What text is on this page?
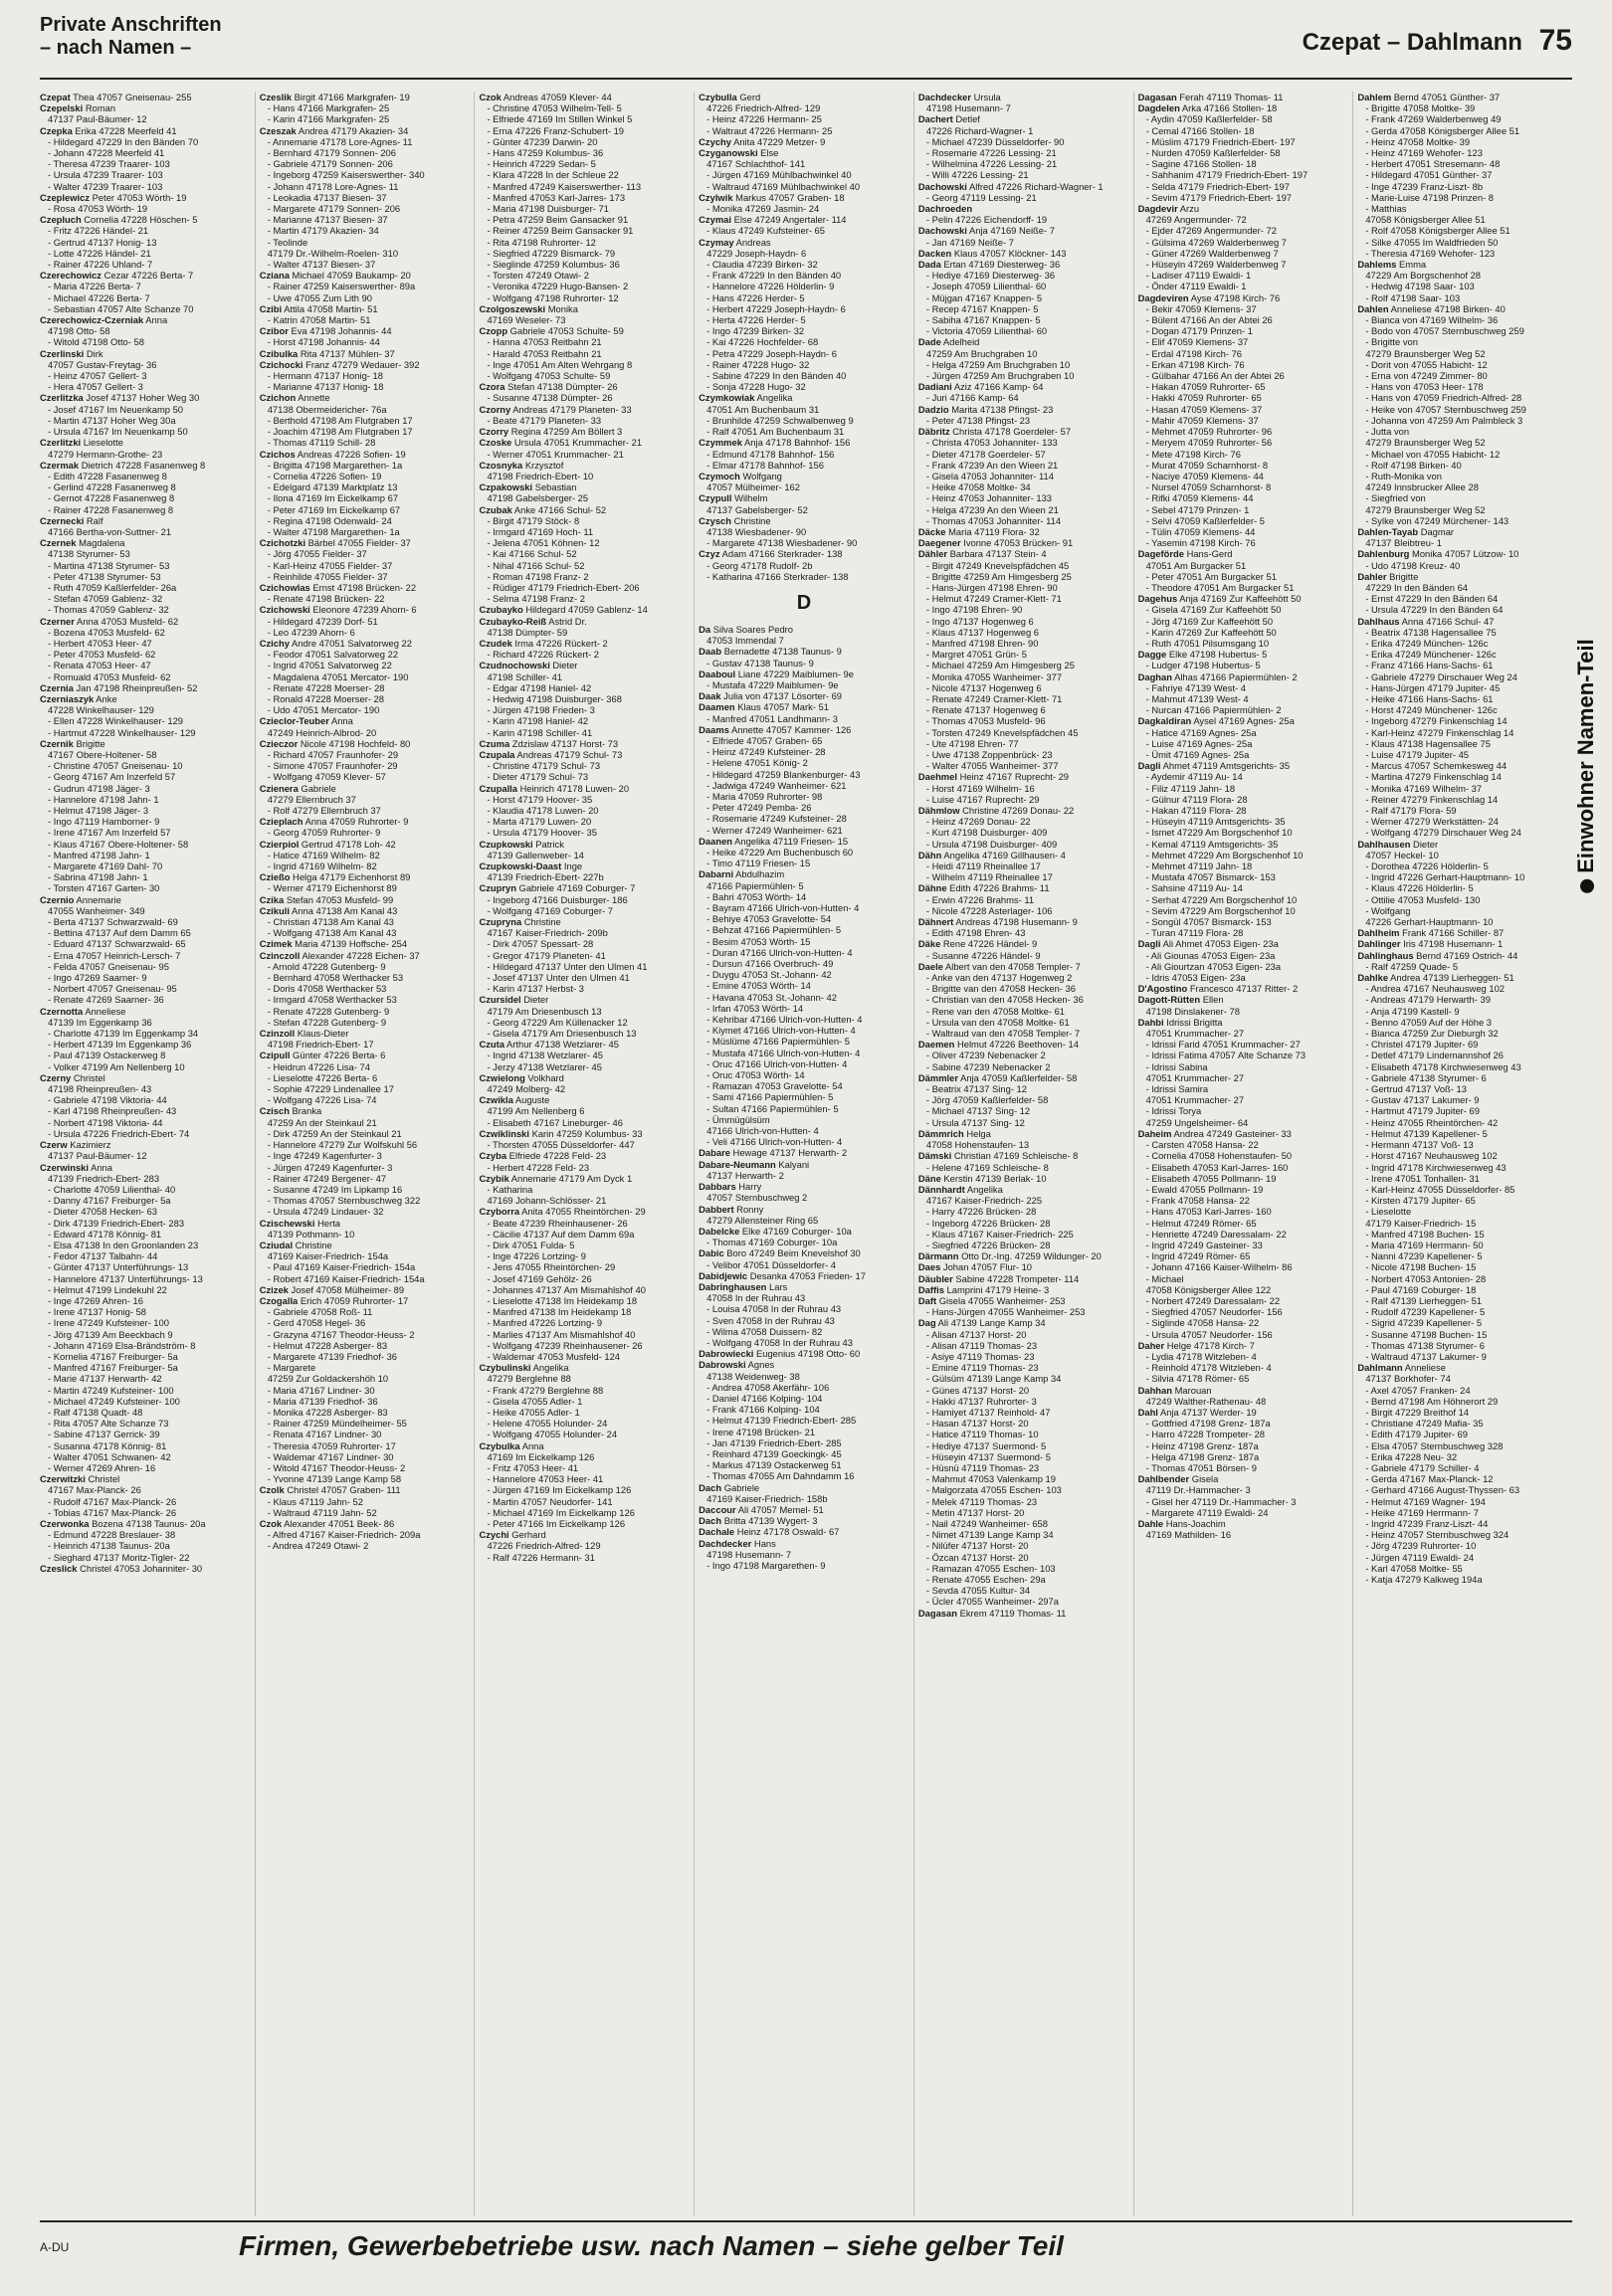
Private Anschriften
– nach Namen –	Czepat – Dahlmann 75
Czepat Thea 47057 Gneisenau- 255
Czepelski Roman
47137 Paul-Bäumer- 12
Czepka Erika 47228 Meerfeld 41
- Hildegard 47229 In den Bänden 70
- Johann 47228 Meerfeld 41
- Theresa 47239 Traarer- 103
- Ursula 47239 Traarer- 103
- Walter 47239 Traarer- 103
Czeplewicz Peter 47053 Wörth- 19
- Rosa 47053 Wörth- 19
Czepluch Cornelia 47228 Höschen- 5
- Fritz 47226 Händel- 21
- Gertrud 47137 Honig- 13
- Lotte 47226 Händel- 21
- Rainer 47226 Uhland- 7
Czerechowicz Cezar 47226 Berta- 7
- Maria 47226 Berta- 7
- Michael 47226 Berta- 7
- Sebastian 47057 Alte Schanze 70
Czerechowicz-Czerniak Anna
47198 Otto- 58
- Witold 47198 Otto- 58
Czerlinski Dirk
47057 Gustav-Freytag- 36
- Heinz 47057 Gellert- 3
- Hera 47057 Gellert- 3
Czerlitzka Josef 47137 Hoher Weg 30
- Josef 47167 Im Neuenkamp 50
- Martin 47137 Hoher Weg 30a
- Ursula 47167 Im Neuenkamp 50
Czerlitzki Lieselotte
47279 Hermann-Grothe- 23
Czermak Dietrich 47228 Fasanenweg 8
- Edith 47228 Fasanenweg 8
- Gerlind 47228 Fasanenweg 8
- Gernot 47228 Fasanenweg 8
- Rainer 47228 Fasanenweg 8
Czernecki Ralf
47166 Bertha-von-Suttner- 21
Czernek Magdalena
47138 Styrumer- 53
- Martina 47138 Styrumer- 53
- Peter 47138 Styrumer- 53
- Ruth 47059 Kaßlerfelder- 26a
- Stefan 47059 Gablenz- 32
- Thomas 47059 Gablenz- 32
Czerner Anna 47053 Musfeld- 62
- Bozena 47053 Musfeld- 62
- Herbert 47053 Heer- 47
- Peter 47053 Musfeld- 62
- Renata 47053 Heer- 47
- Romuald 47053 Musfeld- 62
Czernia Jan 47198 Rheinpreußen- 52
Czerniaszyk Anke
47228 Winkelhauser- 129
- Ellen 47228 Winkelhauser- 129
- Hartmut 47228 Winkelhauser- 129
Czernik Brigitte
47167 Obere-Holtener- 58
- Christine 47057 Gneisenau- 10
- Georg 47167 Am Inzerfeld 57
- Gudrun 47198 Jäger- 3
- Hannelore 47198 Jahn- 1
- Helmut 47198 Jäger- 3
- Ingo 47119 Hamborner- 9
- Irene 47167 Am Inzerfeld 57
- Klaus 47167 Obere-Holtener- 58
- Manfred 47198 Jahn- 1
- Margarete 47169 Dahl- 70
- Sabrina 47198 Jahn- 1
- Torsten 47167 Garten- 30
Czernio Annemarie
47055 Wanheimer- 349
- Berta 47137 Schwarzwald- 69
- Bettina 47137 Auf dem Damm 65
- Eduard 47137 Schwarzwald- 65
- Erna 47057 Heinrich-Lersch- 7
- Felda 47057 Gneisenau- 95
- Ingo 47269 Saarner- 9
- Norbert 47057 Gneisenau- 95
- Renate 47269 Saarner- 36
Czernotta Anneliese
47139 Im Eggenkamp 36
- Charlotte 47139 Im Eggenkamp 34
- Herbert 47139 Im Eggenkamp 36
- Paul 47139 Ostackerweg 8
- Volker 47199 Am Nellenberg 10
Czerny Christel
47198 Rheinpreußen- 43
- Gabriele 47198 Viktoria- 44
- Karl 47198 Rheinpreußen- 43
- Norbert 47198 Viktoria- 44
- Ursula 47226 Friedrich-Ebert- 74
Czerw Kazimierz
47137 Paul-Bäumer- 12
Czerwinski Anna
47139 Friedrich-Ebert- 283
- Charlotte 47059 Lilienthal- 40
- Danny 47167 Freiburger- 5a
- Dieter 47058 Hecken- 63
- Dirk 47139 Friedrich-Ebert- 283
- Edward 47178 Könnig- 81
- Elsa 47138 In den Groonlanden 23
- Fedor 47137 Talbahn- 44
- Günter 47137 Unterführungs- 13
- Hannelore 47137 Unterführungs- 13
- Helmut 47199 Lindekuhl 22
- Inge 47269 Ahren- 16
- Irene 47137 Honig- 58
- Irene 47249 Kufsteiner- 100
- Jörg 47139 Am Beeckbach 9
- Johann 47169 Elsa-Brändström- 8
- Kornelia 47167 Freiburger- 5a
- Manfred 47167 Freiburger- 5a
- Marie 47137 Herwarth- 42
- Martin 47249 Kufsteiner- 100
- Michael 47249 Kufsteiner- 100
- Ralf 47138 Quadt- 48
- Rita 47057 Alte Schanze 73
- Sabine 47137 Gerrick- 39
- Susanna 47178 Könnig- 81
- Walter 47051 Schwanen- 42
- Werner 47269 Ahren- 16
Czerwitzki Christel
47167 Max-Planck- 26
- Rudolf 47167 Max-Planck- 26
- Tobias 47167 Max-Planck- 26
Czerwonka Bozena 47138 Taunus- 20a
- Edmund 47228 Breslauer- 38
- Heinrich 47138 Taunus- 20a
- Sieghard 47137 Moritz-Tigler- 22
Czeslick Christel 47053 Johanniter- 30
Czeslik Birgit 47166 Markgrafen- 19
- Hans 47166 Markgrafen- 25
- Karin 47166 Markgrafen- 25
Czeszak Andrea 47179 Akazien- 34
- Annemarie 47178 Lore-Agnes- 11
- Bernhard 47179 Sonnen- 206
- Gabriele 47179 Sonnen- 206
- Ingeborg 47259 Kaiserswerther- 340
- Johann 47178 Lore-Agnes- 11
- Leokadia 47137 Biesen- 37
- Margarete 47179 Sonnen- 206
- Marianne 47137 Biesen- 37
- Martin 47179 Akazien- 34
- Teolinde
47179 Dr.-Wilhelm-Roelen- 310
- Walter 47137 Biesen- 37
Cziana Michael 47059 Baukamp- 20
- Rainer 47259 Kaiserswerther- 89a
- Uwe 47055 Zum Lith 90
Czibi Attila 47058 Martin- 51
- Katrin 47058 Martin- 51
Czibor Eva 47198 Johannis- 44
- Horst 47198 Johannis- 44
Czibulka Rita 47137 Mühlen- 37
Czichocki Franz 47279 Wedauer- 392
- Hermann 47137 Honig- 18
- Marianne 47137 Honig- 18
Czichon Annette
47138 Obermeidericher- 76a
- Berthold 47198 Am Flutgraben 17
- Joachim 47198 Am Flutgraben 17
- Thomas 47119 Schill- 28
Czichos Andreas 47226 Sofien- 19
- Brigitta 47198 Margarethen- 1a
- Cornelia 47226 Sofien- 19
- Edelgard 47139 Marktplatz 13
- Ilona 47169 Im Eickelkamp 67
- Peter 47169 Im Eickelkamp 67
- Regina 47198 Odenwald- 24
- Walter 47198 Margarethen- 1a
Czichotzki Bärbel 47055 Fielder- 37
- Jörg 47055 Fielder- 37
- Karl-Heinz 47055 Fielder- 37
- Reinhilde 47055 Fielder- 37
Czichowlas Ernst 47198 Brücken- 22
- Renate 47198 Brücken- 22
Czichowski Eleonore 47239 Ahorn- 6
- Hildegard 47239 Dorf- 51
- Leo 47239 Ahorn- 6
Czichy Andre 47051 Salvatorweg 22
- Feodor 47051 Salvatorweg 22
- Ingrid 47051 Salvatorweg 22
- Magdalena 47051 Mercator- 190
- Renate 47228 Moerser- 28
- Ronald 47228 Moerser- 28
- Udo 47051 Mercator- 190
Czieclor-Teuber Anna
47249 Heinrich-Albrod- 20
Czieczor Nicole 47198 Hochfeld- 80
- Richard 47057 Fraunhofer- 29
- Simone 47057 Fraunhofer- 29
- Wolfgang 47059 Klever- 57
Czienera Gabriele
47279 Ellernbruch 37
- Rolf 47279 Ellernbruch 37
Czieplach Anna 47059 Ruhrorter- 9
- Georg 47059 Ruhrorter- 9
Czierpiol Gertrud 47178 Loh- 42
- Hatice 47169 Wilhelm- 82
- Ingrid 47169 Wilhelm- 82
Czießo Helga 47179 Eichenhorst 89
- Werner 47179 Eichenhorst 89
Czika Stefan 47053 Musfeld- 99
Czikuli Anna 47138 Am Kanal 43
- Christian 47138 Am Kanal 43
- Wolfgang 47138 Am Kanal 43
Czimek Maria 47139 Hoffsche- 254
Czinczoll Alexander 47228 Eichen- 37
- Arnold 47228 Gutenberg- 9
- Bernhard 47058 Werthacker 53
- Doris 47058 Werthacker 53
- Irmgard 47058 Werthacker 53
- Renate 47228 Gutenberg- 9
- Stefan 47228 Gutenberg- 9
Czinzoll Klaus-Dieter
47198 Friedrich-Ebert- 17
Czipull Günter 47226 Berta- 6
- Heidrun 47226 Lisa- 74
- Lieselotte 47226 Berta- 6
- Sophie 47229 Lindenallee 17
- Wolfgang 47226 Lisa- 74
Czisch Branka
47259 An der Steinkaul 21
- Dirk 47259 An der Steinkaul 21
- Hannelore 47279 Zur Wolfskuhl 56
- Inge 47249 Kagenfurter- 3
- Jürgen 47249 Kagenfurter- 3
- Rainer 47249 Bergener- 47
- Susanne 47249 Im Lipkamp 16
- Thomas 47057 Sternbuschweg 322
- Ursula 47249 Lindauer- 32
Czischewski Herta
47139 Pothmann- 10
Cziudal Christine
47169 Kaiser-Friedrich- 154a
- Paul 47169 Kaiser-Friedrich- 154a
- Robert 47169 Kaiser-Friedrich- 154a
Czizek Josef 47058 Mülheimer- 89
Czogalla Erich 47059 Ruhrorter- 17
- Gabriele 47058 Roß- 11
- Gerd 47058 Hegel- 36
- Grazyna 47167 Theodor-Heuss- 2
- Helmut 47228 Asberger- 83
- Margarete 47139 Friedhof- 36
- Margarete
47259 Zur Goldackershöh 10
- Maria 47167 Lindner- 30
- Maria 47139 Friedhof- 36
- Monika 47228 Asberger- 83
- Rainer 47259 Mündelheimer- 55
- Renata 47167 Lindner- 30
- Theresia 47059 Ruhrorter- 17
- Waldemar 47167 Lindner- 30
- Witold 47167 Theodor-Heuss- 2
- Yvonne 47139 Lange Kamp 58
Czolk Christel 47057 Graben- 111
- Klaus 47119 Jahn- 52
- Waltraud 47119 Jahn- 52
Czok Alexander 47051 Beek- 86
- Alfred 47167 Kaiser-Friedrich- 209a
- Andrea 47249 Otawi- 2
Czok Andreas 47059 Klever- 44
- Christine 47053 Wilhelm-Tell- 5
- Elfriede 47169 Im Stillen Winkel 5
- Erna 47226 Franz-Schubert- 19
- Günter 47239 Darwin- 20
- Hans 47259 Kolumbus- 36
- Heinrich 47229 Sedan- 5
- Klara 47228 In der Schleue 22
- Manfred 47249 Kaiserswerther- 113
- Manfred 47053 Karl-Jarres- 173
- Maria 47198 Duisburger- 71
- Petra 47259 Beim Gansacker 91
- Reiner 47259 Beim Gansacker 91
- Rita 47198 Ruhrorter- 12
- Siegfried 47229 Bismarck- 79
- Sieglinde 47259 Kolumbus- 36
- Torsten 47249 Otawi- 2
- Veronika 47229 Hugo-Bansen- 2
- Wolfgang 47198 Ruhrorter- 12
Czolgoszewski Monika
47169 Weseler- 73
Czopp Gabriele 47053 Schulte- 59
- Hanna 47053 Reitbahn 21
- Harald 47053 Reitbahn 21
- Inge 47051 Am Alten Wehrgang 8
- Wolfgang 47053 Schulte- 59
Czora Stefan 47138 Dümpter- 26
- Susanne 47138 Dümpter- 26
Czorny Andreas 47179 Planeten- 33
- Beate 47179 Planeten- 33
Czorry Regina 47259 Am Böllert 3
Czoske Ursula 47051 Krummacher- 21
- Werner 47051 Krummacher- 21
Czosnyka Krzysztof
47198 Friedrich-Ebert- 10
Czpakowski Sebastian
47198 Gabelsberger- 25
Czubak Anke 47166 Schul- 52
- Birgit 47179 Stöck- 8
- Irmgard 47169 Hoch- 11
- Jelena 47051 Köhnen- 12
- Kai 47166 Schul- 52
- Nihal 47166 Schul- 52
- Roman 47198 Franz- 2
- Rüdiger 47179 Friedrich-Ebert- 206
- Selma 47198 Franz- 2
Czubayko Hildegard 47059 Gablenz- 14
Czubayko-Reiß Astrid Dr.
47138 Dümpter- 59
Czudek Irma 47226 Rückert- 2
- Richard 47226 Rückert- 2
Czudnochowski Dieter
47198 Schiller- 41
- Edgar 47198 Haniel- 42
- Hedwig 47198 Duisburger- 368
- Jürgen 47198 Frieden- 3
- Karin 47198 Haniel- 42
- Karin 47198 Schiller- 41
Czuma Zdzislaw 47137 Horst- 73
Czupala Andreas 47179 Schul- 73
- Christine 47179 Schul- 73
- Dieter 47179 Schul- 73
Czupalla Heinrich 47178 Luwen- 20
- Horst 47179 Hoover- 35
- Klaudia 47178 Luwen- 20
- Marta 47179 Luwen- 20
- Ursula 47179 Hoover- 35
Czupkowski Patrick
47139 Gallenweber- 14
Czupkowski-Daast Inge
47139 Friedrich-Ebert- 227b
Czupryn Gabriele 47169 Coburger- 7
- Ingeborg 47166 Duisburger- 186
- Wolfgang 47169 Coburger- 7
Czupryna Christine
47167 Kaiser-Friedrich- 209b
- Dirk 47057 Spessart- 28
- Gregor 47179 Planeten- 41
- Hildegard 47137 Unter den Ulmen 41
- Josef 47137 Unter den Ulmen 41
- Karin 47137 Herbst- 3
Czursidel Dieter
47179 Am Driesenbusch 13
- Georg 47229 Am Küllenacker 12
- Gisela 47179 Am Driesenbusch 13
Czuta Arthur 47138 Wetzlarer- 45
- Ingrid 47138 Wetzlarer- 45
- Jerzy 47138 Wetzlarer- 45
Czwielong Volkhard
47249 Molberg- 42
Czwikla Auguste
47199 Am Nellenberg 6
- Elisabeth 47167 Lineburger- 46
Czwiklinski Karin 47259 Kolumbus- 33
- Thorsten 47055 Düsseldorfer- 447
Czyba Elfriede 47228 Feld- 23
- Herbert 47228 Feld- 23
Czybik Annemarie 47179 Am Dyck 1
- Katharina
47169 Johann-Schlösser- 21
Czyborra Anita 47055 Rheintörchen- 29
- Beate 47239 Rheinhausener- 26
- Cäcilie 47137 Auf dem Damm 69a
- Dirk 47051 Fulda- 5
- Inge 47226 Lortzing- 9
- Jens 47055 Rheintörchen- 29
- Josef 47169 Gehölz- 26
- Johannes 47137 Am Mismahlshof 40
- Lieselotte 47138 Im Heidekamp 18
- Manfred 47138 Im Heidekamp 18
- Manfred 47226 Lortzing- 9
- Marlies 47137 Am Mismahlshof 40
- Wolfgang 47239 Rheinhausener- 26
- Waldemar 47053 Musfeld- 124
Czybulinski Angelika
47279 Berglehne 88
- Frank 47279 Berglehne 88
- Gisela 47055 Adler- 1
- Heike 47055 Adler- 1
- Helene 47055 Holunder- 24
- Wolfgang 47055 Holunder- 24
Czybulka Anna
47169 Im Eickelkamp 126
- Fritz 47053 Heer- 41
- Hannelore 47053 Heer- 41
- Jürgen 47169 Im Eickelkamp 126
- Martin 47057 Neudorfer- 141
- Michael 47169 Im Eickelkamp 126
- Peter 47166 Im Eickelkamp 126
Czychi Gerhard
47226 Friedrich-Alfred- 129
- Ralf 47226 Hermann- 31
Czybulla Gerd
47226 Friedrich-Alfred- 129
- Heinz 47226 Hermann- 25
- Waltraut 47226 Hermann- 25
Czychy Anita 47229 Metzer- 9
Czyganowski Else
47167 Schlachthof- 141
- Jürgen 47169 Mühlbachwinkel 40
- Waltraud 47169 Mühlbachwinkel 40
Czylwik Markus 47057 Graben- 18
- Monika 47269 Jasmin- 24
Czymai Else 47249 Angertaler- 114
- Klaus 47249 Kufsteiner- 65
Czymay Andreas
47229 Joseph-Haydn- 6
- Claudia 47239 Birken- 32
- Frank 47229 In den Bänden 40
- Hannelore 47226 Hölderlin- 9
- Hans 47226 Herder- 5
- Herbert 47229 Joseph-Haydn- 6
- Herta 47226 Herder- 5
- Ingo 47239 Birken- 32
- Kai 47226 Hochfelder- 68
- Petra 47229 Joseph-Haydn- 6
- Rainer 47228 Hugo- 32
- Sabine 47229 In den Bänden 40
- Sonja 47228 Hugo- 32
Czymkowiak Angelika
47051 Am Buchenbaum 31
- Brunhilde 47259 Schwalbenweg 9
- Ralf 47051 Am Buchenbaum 31
Czymmek Anja 47178 Bahnhof- 156
- Edmund 47178 Bahnhof- 156
- Elmar 47178 Bahnhof- 156
Czymoch Wolfgang
47057 Mülheimer- 162
Czypull Wilhelm
47137 Gabelsberger- 52
Czysch Christine
47138 Wiesbadener- 90
- Margarete 47138 Wiesbadener- 90
Czyz Adam 47166 Sterkrader- 138
- Georg 47178 Rudolf- 2b
- Katharina 47166 Sterkrader- 138
D
Da Silva Soares Pedro
47053 Immendal 7
Daab Bernadette 47138 Taunus- 9
- Gustav 47138 Taunus- 9
Daaboul Liane 47229 Maiblumen- 9e
- Mustafa 47229 Maiblumen- 9e
Daak Julia von 47137 Lösorter- 69
Daamen Klaus 47057 Mark- 51
- Manfred 47051 Landhmann- 3
Daams Annette 47057 Kammer- 126
- Elfriede 47057 Graben- 65
- Heinz 47249 Kufsteiner- 28
- Helene 47051 König- 2
- Hildegard 47259 Blankenburger- 43
- Jadwiga 47249 Wanheimer- 621
- Maria 47059 Ruhrorter- 98
- Peter 47249 Pemba- 26
- Rosemarie 47249 Kufsteiner- 28
- Werner 47249 Wanheimer- 621
Daanen Angelika 47119 Friesen- 15
- Heike 47229 Am Buchenbusch 60
- Timo 47119 Friesen- 15
Dabarni Abdulhazim
47166 Papiermühlen- 5
- Bahri 47053 Wörth- 14
- Bayram 47166 Ulrich-von-Hutten- 4
- Behiye 47053 Gravelotte- 54
- Behzat 47166 Papiermühlen- 5
- Besim 47053 Wörth- 15
- Duran 47166 Ulrich-von-Hutten- 4
- Dursun 47166 Overbruch- 49
- Duygu 47053 St.-Johann- 42
- Emine 47053 Wörth- 14
- Havana 47053 St.-Johann- 42
- Irfan 47053 Wörth- 14
- Kehribar 47166 Ulrich-von-Hutten- 4
- Kiymet 47166 Ulrich-von-Hutten- 4
- Müslüme 47166 Papiermühlen- 5
- Mustafa 47166 Ulrich-von-Hutten- 4
- Oruc 47166 Ulrich-von-Hutten- 4
- Oruc 47053 Wörth- 14
- Ramazan 47053 Gravelotte- 54
- Sami 47166 Papiermühlen- 5
- Sultan 47166 Papiermühlen- 5
- Ümmügülsüm
47166 Ulrich-von-Hutten- 4
- Veli 47166 Ulrich-von-Hutten- 4
Dabare Hewage 47137 Herwarth- 2
Dabare-Neumann Kalyani
47137 Herwarth- 2
Dabbars Harry
47057 Sternbuschweg 2
Dabbert Ronny
47279 Allensteiner Ring 65
Dabelcke Elke 47169 Coburger- 10a
- Thomas 47169 Coburger- 10a
Dabic Boro 47249 Beim Knevelshof 30
- Velibor 47051 Düsseldorfer- 4
Dabidjewic Desanka 47053 Frieden- 17
Dabringhausen Lars
47058 In der Ruhrau 43
- Louisa 47058 In der Ruhrau 43
- Sven 47058 In der Ruhrau 43
- Wilma 47058 Duissern- 82
- Wolfgang 47058 In der Ruhrau 43
Dabrowiecki Eugenius 47198 Otto- 60
Dabrowski Agnes
47138 Weidenweg- 38
- Andrea 47058 Akerfähr- 106
- Daniel 47166 Kolping- 104
- Frank 47166 Kolping- 104
- Helmut 47139 Friedrich-Ebert- 285
- Irene 47198 Brücken- 21
- Jan 47139 Friedrich-Ebert- 285
- Reinhard 47139 Goeckingk- 45
- Markus 47139 Ostackerweg 51
- Thomas 47055 Am Dahndamm 16
Dach Gabriele
47169 Kaiser-Friedrich- 158b
Daccour Ali 47057 Memel- 51
Dach Britta 47139 Wygert- 3
Dachale Heinz 47178 Oswald- 67
Dachdecker Hans
47198 Husemann- 7
- Ingo 47198 Margarethen- 9
Dachdecker Ursula
47198 Husemann- 7
Dachert Detlef
47226 Richard-Wagner- 1
- Michael 47239 Düsseldorfer- 90
- Rosemarie 47226 Lessing- 21
- Wilhelmina 47226 Lessing- 21
- Willi 47226 Lessing- 21
Dachowski Alfred 47226 Richard-Wagner- 1
- Georg 47119 Lessing- 21
Dachroeden
- Pelin 47226 Eichendorff- 19
Dachowski Anja 47169 Neiße- 7
- Jan 47169 Neiße- 7
Dacken Klaus 47057 Klöckner- 143
Dada Ertan 47169 Diesterweg- 36
- Hediye 47169 Diesterweg- 36
- Joseph 47059 Lilienthal- 60
- Müjgan 47167 Knappen- 5
- Recep 47167 Knappen- 5
- Sabiha 47167 Knappen- 5
- Victoria 47059 Lilienthal- 60
Dade Adelheid
47259 Am Bruchgraben 10
- Helga 47259 Am Bruchgraben 10
- Jürgen 47259 Am Bruchgraben 10
Dadiani Aziz 47166 Kamp- 64
- Juri 47166 Kamp- 64
Dadzio Marita 47138 Pfingst- 23
- Peter 47138 Pfingst- 23
Däbritz Christa 47178 Goerdeler- 57
- Christa 47053 Johanniter- 133
- Dieter 47178 Goerdeler- 57
- Frank 47239 An den Wieen 21
- Gisela 47053 Johanniter- 114
- Heike 47058 Moltke- 34
- Heinz 47053 Johanniter- 133
- Helga 47239 An den Wieen 21
- Thomas 47053 Johanniter- 114
Däcke Maria 47119 Flora- 32
Daegener Ivonne 47053 Brücken- 91
Dähler Barbara 47137 Stein- 4
- Birgit 47249 Knevelspfädchen 45
- Brigitte 47259 Am Himgesberg 25
- Hans-Jürgen 47198 Ehren- 90
- Helmut 47249 Cramer-Klett- 71
- Ingo 47198 Ehren- 90
- Ingo 47137 Hogenweg 6
- Klaus 47137 Hogenweg 6
- Manfred 47198 Ehren- 90
- Margret 47051 Grün- 5
- Michael 47259 Am Himgesberg 25
- Monika 47055 Wanheimer- 377
- Nicole 47137 Hogenweg 6
- Renate 47249 Cramer-Klett- 71
- Renate 47137 Hogenweg 6
- Thomas 47053 Musfeld- 96
- Torsten 47249 Knevelspfädchen 45
- Ute 47198 Ehren- 77
- Uwe 47138 Zoppenbrück- 23
- Walter 47055 Wanheimer- 377
Daehmel Heinz 47167 Ruprecht- 29
- Horst 47169 Wilhelm- 16
- Luise 47167 Ruprecht- 29
Dähmlow Christine 47269 Donau- 22
- Heinz 47269 Donau- 22
- Kurt 47198 Duisburger- 409
- Ursula 47198 Duisburger- 409
Dähn Angelika 47169 Gillhausen- 4
- Heidi 47119 Rheinallee 17
- Wilhelm 47119 Rheinallee 17
Dähne Edith 47226 Brahms- 11
- Erwin 47226 Brahms- 11
- Nicole 47228 Asterlager- 106
Dähnert Andreas 47198 Husemann- 9
- Edith 47198 Ehren- 43
Däke Rene 47226 Händel- 9
- Susanne 47226 Händel- 9
Daele Albert van den 47058 Templer- 7
- Anke van den 47137 Hogenweg 2
- Brigitte van den 47058 Hecken- 36
- Christian van den 47058 Hecken- 36
- Rene van den 47058 Moltke- 61
- Ursula van den 47058 Moltke- 61
- Waltraud van den 47058 Templer- 7
Daemen Helmut 47226 Beethoven- 14
- Oliver 47239 Nebenacker 2
- Sabine 47239 Nebenacker 2
Dämmler Anja 47059 Kaßlerfelder- 58
- Beatrix 47137 Sing- 12
- Jörg 47059 Kaßlerfelder- 58
- Michael 47137 Sing- 12
- Ursula 47137 Sing- 12
Dämmrich Helga
47058 Hohenstaufen- 13
Dämski Christian 47169 Schleische- 8
- Helene 47169 Schleische- 8
Däne Kerstin 47139 Berlak- 10
Dännhardt Angelika
47167 Kaiser-Friedrich- 225
- Harry 47226 Brücken- 28
- Ingeborg 47226 Brücken- 28
- Klaus 47167 Kaiser-Friedrich- 225
- Siegfried 47226 Brücken- 28
Därmann Otto Dr.-Ing. 47259 Wildunger- 20
Daes Johan 47057 Flur- 10
Däubler Sabine 47228 Trompeter- 114
Daffis Lamprini 47179 Heine- 3
Daft Gisela 47055 Wanheimer- 253
- Hans-Jürgen 47055 Wanheimer- 253
Dag Ali 47139 Lange Kamp 34
- Alisan 47137 Horst- 20
- Alisan 47119 Thomas- 23
- Asiye 47119 Thomas- 23
- Emine 47119 Thomas- 23
- Gülsüm 47139 Lange Kamp 34
- Günes 47137 Horst- 20
- Hakki 47137 Ruhrorter- 3
- Hamiyet 47137 Reinhold- 47
- Hasan 47137 Horst- 20
- Hatice 47119 Thomas- 10
- Hediye 47137 Suermond- 5
- Hüseyin 47137 Suermond- 5
- Hüsnü 47119 Thomas- 23
- Mahmut 47053 Valenkamp 19
- Malgorzata 47055 Eschen- 103
- Melek 47119 Thomas- 23
- Metin 47137 Horst- 20
- Nail 47249 Wanheimer- 658
- Nimet 47139 Lange Kamp 34
- Nilüfer 47137 Horst- 20
- Özcan 47137 Horst- 20
- Ramazan 47055 Eschen- 103
- Renate 47055 Eschen- 29a
- Sevda 47055 Kultur- 34
- Ücler 47055 Wanheimer- 297a
Dagasan Ekrem 47119 Thomas- 11
Dagasan Ferah 47119 Thomas- 11
Dagdelen Arka 47166 Stollen- 18
- Aydin 47059 Kaßlerfelder- 58
- Cemal 47166 Stollen- 18
- Müslim 47179 Friedrich-Ebert- 197
- Nurden 47059 Kaßlerfelder- 58
- Sagine 47166 Stollen- 18
- Sahhanim 47179 Friedrich-Ebert- 197
- Selda 47179 Friedrich-Ebert- 197
- Sevim 47179 Friedrich-Ebert- 197
Dagdevir Arzu
47269 Angermunder- 72
- Ejder 47269 Angermunder- 72
- Gülsima 47269 Walderbenweg 7
- Güner 47269 Walderbenweg 7
- Hüseyin 47269 Walderbenweg 7
- Ladiser 47119 Ewaldi- 1
- Önder 47119 Ewaldi- 1
Dagdeviren Ayse 47198 Kirch- 76
- Bekir 47059 Klemens- 37
- Bülent 47166 An der Abtei 26
- Dogan 47179 Prinzen- 1
- Elif 47059 Klemens- 37
- Erdal 47198 Kirch- 76
- Erkan 47198 Kirch- 76
- Gülbahar 47166 An der Abtei 26
- Hakan 47059 Ruhrorter- 65
- Hakki 47059 Ruhrorter- 65
- Hasan 47059 Klemens- 37
- Mahir 47059 Klemens- 37
- Mehmet 47059 Ruhrorter- 96
- Meryem 47059 Ruhrorter- 56
- Mete 47198 Kirch- 76
- Murat 47059 Scharnhorst- 8
- Naciye 47059 Klemens- 44
- Nursel 47059 Scharnhorst- 8
- Rifki 47059 Klemens- 44
- Sebel 47179 Prinzen- 1
- Selvi 47059 Kaßlerfelder- 5
- Tülin 47059 Klemens- 44
- Yasemin 47198 Kirch- 76
Dageförde Hans-Gerd
47051 Am Burgacker 51
- Peter 47051 Am Burgacker 51
- Theodore 47051 Am Burgacker 51
Dagehus Anja 47169 Zur Kaffeehött 50
- Gisela 47169 Zur Kaffeehött 50
- Jörg 47169 Zur Kaffeehött 50
- Karin 47269 Zur Kaffeehött 50
- Ruth 47051 Pilsumsgang 10
Dagge Elke 47198 Hubertus- 5
- Ludger 47198 Hubertus- 5
Daghan Alhas 47166 Papiermühlen- 2
- Fahriye 47139 West- 4
- Mahmut 47139 West- 4
- Nurcan 47166 Papiermühlen- 2
Dagkaldiran Aysel 47169 Agnes- 25a
- Hatice 47169 Agnes- 25a
- Luise 47169 Agnes- 25a
- Ümit 47169 Agnes- 25a
Dagli Ahmet 47119 Amtsgerichts- 35
- Aydemir 47119 Au- 14
- Filiz 47119 Jahn- 18
- Gülnur 47119 Flora- 28
- Hakan 47119 Flora- 28
- Hüseyin 47119 Amtsgerichts- 35
- Ismet 47229 Am Borgschenhof 10
- Kemal 47119 Amtsgerichts- 35
- Mehmet 47229 Am Borgschenhof 10
- Mehmet 47119 Jahn- 18
- Mustafa 47057 Bismarck- 153
- Sahsine 47119 Au- 14
- Serhat 47229 Am Borgschenhof 10
- Sevim 47229 Am Borgschenhof 10
- Songül 47057 Bismarck- 153
- Turan 47119 Flora- 28
Dagli Ali Ahmet 47053 Eigen- 23a
- Ali Giounas 47053 Eigen- 23a
- Ali Giourtzan 47053 Eigen- 23a
- Idris 47053 Eigen- 23a
D'Agostino Francesco 47137 Ritter- 2
Dagott-Rütten Ellen
47198 Dinslakener- 78
Dahbi Idrissi Brigitta
47051 Krummacher- 27
- Idrissi Farid 47051 Krummacher- 27
- Idrissi Fatima 47057 Alte Schanze 73
- Idrissi Sabina
47051 Krummacher- 27
- Idrissi Samira
47051 Krummacher- 27
- Idrissi Torya
47259 Ungelsheimer- 64
Daheim Andrea 47249 Gasteiner- 33
- Carsten 47058 Hansa- 22
- Cornelia 47058 Hohenstaufen- 50
- Elisabeth 47053 Karl-Jarres- 160
- Elisabeth 47055 Pollmann- 19
- Ewald 47055 Pollmann- 19
- Frank 47058 Hansa- 22
- Hans 47053 Karl-Jarres- 160
- Helmut 47249 Römer- 65
- Henriette 47249 Daressalam- 22
- Ingrid 47249 Gasteiner- 33
- Ingrid 47249 Römer- 65
- Johann 47166 Kaiser-Wilhelm- 86
- Michael
47058 Königsberger Allee 122
- Norbert 47249 Daressalam- 22
- Siegfried 47057 Neudorfer- 156
- Siglinde 47058 Hansa- 22
- Ursula 47057 Neudorfer- 156
Daher Helge 47178 Kirch- 7
- Lydia 47178 Witzleben- 4
- Reinhold 47178 Witzleben- 4
- Silvia 47178 Römer- 65
Dahhan Marouan
47249 Walther-Rathenau- 48
Dahl Anja 47137 Werder- 19
- Gottfried 47198 Grenz- 187a
- Harro 47228 Trompeter- 28
- Heinz 47198 Grenz- 187a
- Helga 47198 Grenz- 187a
- Thomas 47051 Börsen- 9
Dahlbender Gisela
47119 Dr.-Hammacher- 3
- Gisel her 47119 Dr.-Hammacher- 3
- Margarete 47119 Ewaldi- 24
Dahle Hans-Joachim
47169 Mathilden- 16
Dahlem Bernd 47051 Günther- 37
- Brigitte 47058 Moltke- 39
- Frank 47269 Walderbenweg 49
- Gerda 47058 Königsberger Allee 51
- Heinz 47058 Moltke- 39
- Heinz 47169 Wehofer- 123
- Herbert 47051 Stresemann- 48
- Hildegard 47051 Günther- 37
- Inge 47239 Franz-Liszt- 8b
- Marie-Luise 47198 Prinzen- 8
- Matthias
47058 Königsberger Allee 51
- Rolf 47058 Königsberger Allee 51
- Silke 47055 Im Waldfrieden 50
- Theresia 47169 Wehofer- 123
Dahlems Emma
47229 Am Borgschenhof 28
- Hedwig 47198 Saar- 103
- Rolf 47198 Saar- 103
Dahlen Anneliese 47198 Birken- 40
- Bianca von 47169 Wilhelm- 36
- Bodo von 47057 Sternbuschweg 259
- Brigitte von
47279 Braunsberger Weg 52
- Dorit von 47055 Habicht- 12
- Erna von 47249 Zimmer- 80
- Hans von 47053 Heer- 178
- Hans von 47059 Friedrich-Alfred- 28
- Heike von 47057 Sternbuschweg 259
- Johanna von 47259 Am Palmbleck 3
- Jutta von
47279 Braunsberger Weg 52
- Michael von 47055 Habicht- 12
- Rolf 47198 Birken- 40
- Ruth-Monika von
47249 Innsbrucker Allee 28
- Siegfried von
47279 Braunsberger Weg 52
- Sylke von 47249 Mürchener- 143
Dahlen-Tayab Dagmar
47137 Bleibtreu- 1
Dahlenburg Monika 47057 Lützow- 10
- Udo 47198 Kreuz- 40
Dahler Brigitte
47229 In den Bänden 64
- Ernst 47229 In den Bänden 64
- Ursula 47229 In den Bänden 64
Dahlhaus Anna 47166 Schul- 47
- Beatrix 47138 Hagensallee 75
- Erika 47249 München- 126c
- Erika 47249 Münchener- 126c
- Franz 47166 Hans-Sachs- 61
- Gabriele 47279 Dirschauer Weg 24
- Hans-Jürgen 47179 Jupiter- 45
- Heike 47166 Hans-Sachs- 61
- Horst 47249 Münchener- 126c
- Ingeborg 47279 Finkenschlag 14
- Karl-Heinz 47279 Finkenschlag 14
- Klaus 47138 Hagensallee 75
- Luise 47179 Jupiter- 45
- Marcus 47057 Schemkesweg 44
- Martina 47279 Finkenschlag 14
- Monika 47169 Wilhelm- 37
- Reiner 47279 Finkenschlag 14
- Ralf 47179 Flora- 59
- Werner 47279 Werkstätten- 24
- Wolfgang 47279 Dirschauer Weg 24
Dahlhausen Dieter
47057 Heckel- 10
- Dorothea 47226 Hölderlin- 5
- Ingrid 47226 Gerhart-Hauptmann- 10
- Klaus 47226 Hölderlin- 5
- Ottilie 47053 Musfeld- 130
- Wolfgang
47226 Gerhart-Hauptmann- 10
Dahlheim Frank 47166 Schiller- 87
Dahlinger Iris 47198 Husemann- 1
Dahlinghaus Bernd 47169 Ostrich- 44
- Ralf 47259 Quade- 5
Dahlke Andrea 47139 Lierheggen- 51
- Andrea 47167 Neuhausweg 102
- Andreas 47179 Herwarth- 39
- Anja 47199 Kastell- 9
- Benno 47059 Auf der Höhe 3
- Bianca 47259 Zur Dieburgh 32
- Christel 47179 Jupiter- 69
- Detlef 47179 Lindemannshof 26
- Elisabeth 47178 Kirchwiesenweg 43
- Gabriele 47138 Styrumer- 6
- Gertrud 47137 Voß- 13
- Gustav 47137 Lakumer- 9
- Hartmut 47179 Jupiter- 69
- Heinz 47055 Rheintörchen- 42
- Helmut 47139 Kapellener- 5
- Hermann 47137 Voß- 13
- Horst 47167 Neuhausweg 102
- Ingrid 47178 Kirchwiesenweg 43
- Irene 47051 Tonhallen- 31
- Karl-Heinz 47055 Düsseldorfer- 85
- Kirsten 47179 Jupiter- 65
- Lieselotte
47179 Kaiser-Friedrich- 15
- Manfred 47198 Buchen- 15
- Maria 47169 Herrmann- 50
- Nanni 47239 Kapellener- 5
- Nicole 47198 Buchen- 15
- Norbert 47053 Antonien- 28
- Paul 47169 Coburger- 18
- Ralf 47139 Lierheggen- 51
- Rudolf 47239 Kapellener- 5
- Sigrid 47239 Kapellener- 5
- Susanne 47198 Buchen- 15
- Thomas 47138 Styrumer- 6
- Waltraud 47137 Lakumer- 9
Dahlmann Anneliese
47137 Borkhofer- 74
- Axel 47057 Franken- 24
- Bernd 47198 Am Höhnerort 29
- Birgit 47229 Breithof 14
- Christiane 47249 Mafia- 35
- Edith 47179 Jupiter- 69
- Elsa 47057 Sternbuschweg 328
- Erika 47228 Neu- 32
- Gabriele 47179 Schiller- 4
- Gerda 47167 Max-Planck- 12
- Gerhard 47166 August-Thyssen- 63
- Helmut 47169 Wagner- 194
- Heike 47169 Herrmann- 7
- Ingrid 47239 Franz-Liszt- 44
- Heinz 47057 Sternbuschweg 324
- Jörg 47239 Ruhrorter- 10
- Jürgen 47119 Ewaldi- 24
- Karl 47058 Moltke- 55
- Katja 47279 Kalkweg 194a
Einwohner Namen-Teil
A-DU	Firmen, Gewerbebetriebe usw. nach Namen – siehe gelber Teil
